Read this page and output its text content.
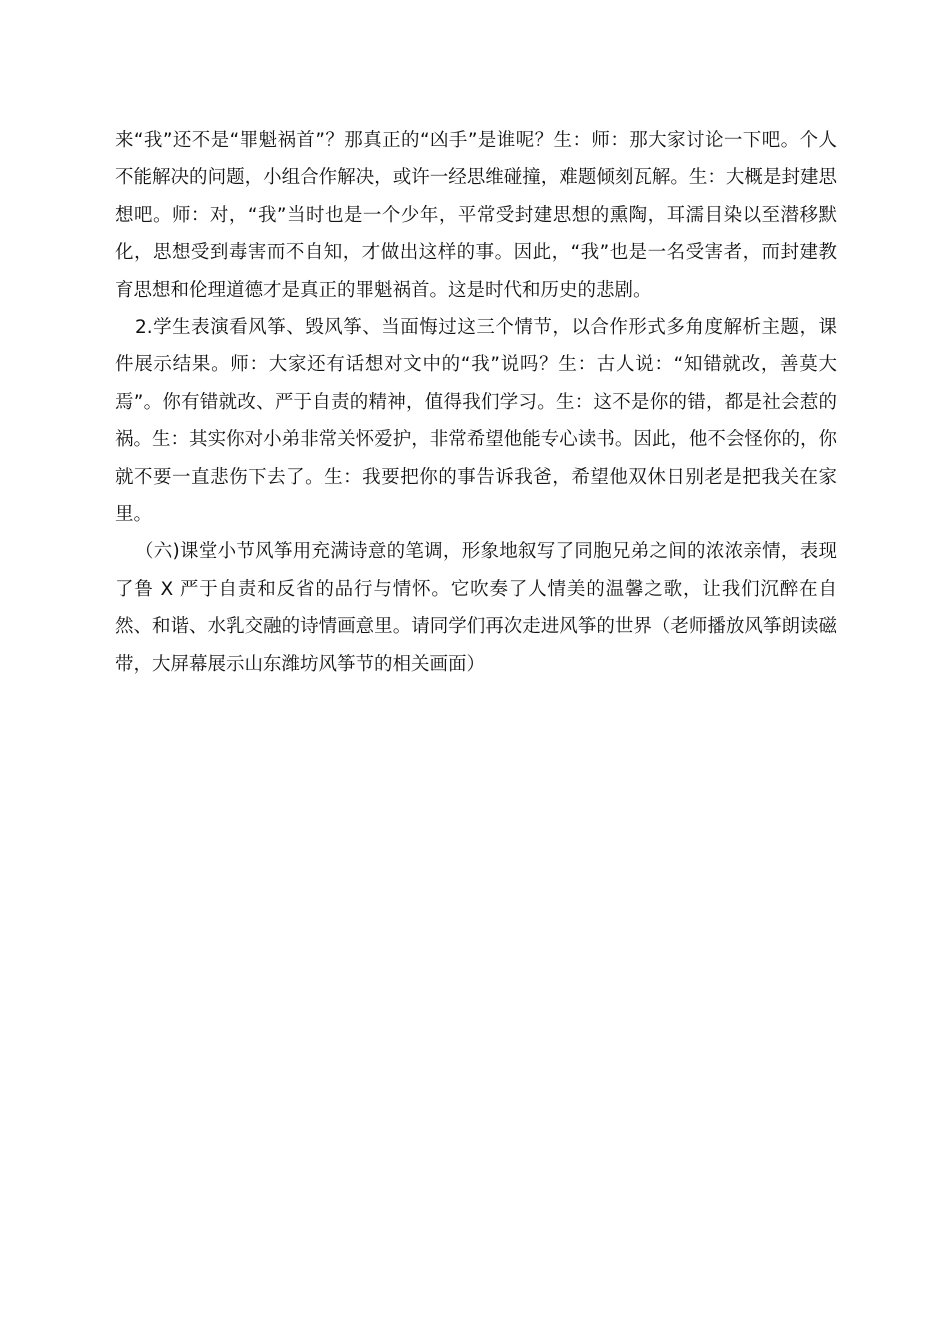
来“我”还不是“罪魁祸首”？那真正的“凶手”是谁呢？生：师：那大家讨论一下吧。个人不能解决的问题，小组合作解决，或许一经思维碰撞，难题倾刻瓦解。生：大概是封建思想吧。师：对，“我”当时也是一个少年，平常受封建思想的熏陶，耳濡目染以至潜移默化，思想受到毒害而不自知，才做出这样的事。因此，“我”也是一名受害者，而封建教育思想和伦理道德才是真正的罪魁祸首。这是时代和历史的悲剧。

2.学生表演看风筝、毁风筝、当面悔过这三个情节，以合作形式多角度解析主题，课件展示结果。师：大家还有话想对文中的“我”说吗？生：古人说：“知错就改，善莫大焉”。你有错就改、严于自责的精神，值得我们学习。生：这不是你的错，都是社会惹的祸。生：其实你对小弟非常关怀爱护，非常希望他能专心读书。因此，他不会怪你的，你就不要一直悲伤下去了。生：我要把你的事告诉我爸，希望他双休日别老是把我关在家里。

（六)课堂小节风筝用充满诗意的笔调，形象地叙写了同胞兄弟之间的浓浓亲情，表现了鲁 X 严于自责和反省的品行与情怀。它吹奏了人情美的温馨之歌，让我们沉醉在自然、和谐、水乳交融的诗情画意里。请同学们再次走进风筝的世界（老师播放风筝朗读磁带，大屏幕展示山东潍坊风筝节的相关画面）
